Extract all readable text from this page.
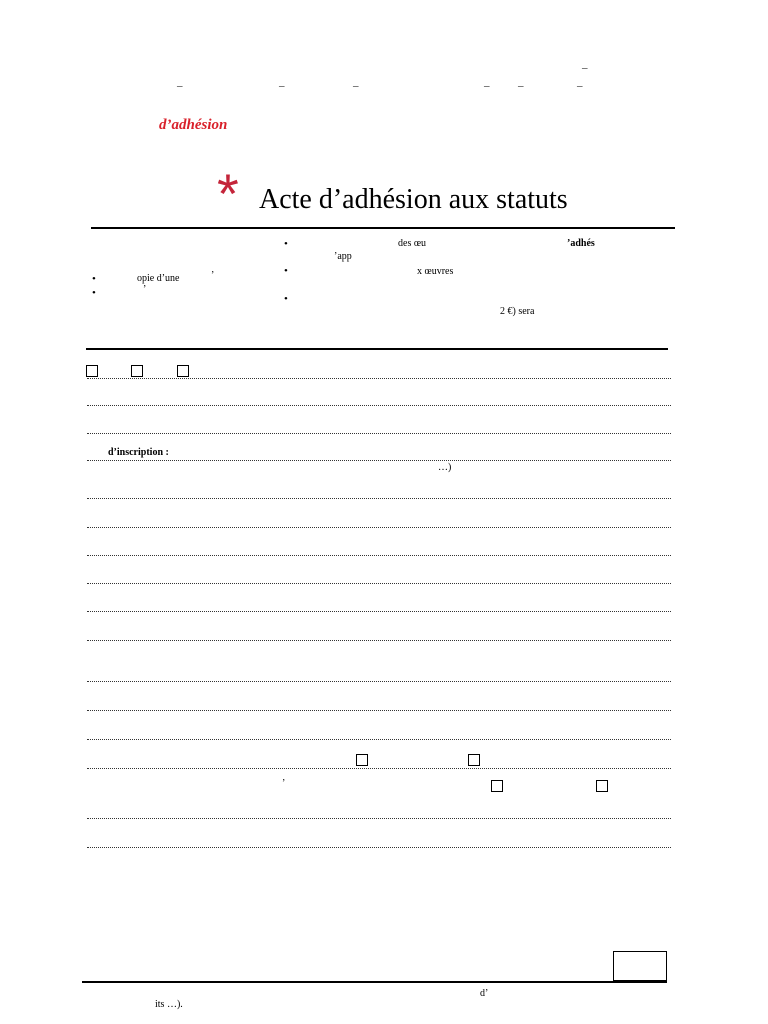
–
–	–	–	–	–	–
d’adhésion
* Acte d’adhésion aux statuts
•	opie d’une	’
•	’
•	des œu	’adhés
’app
•	x œuvres
•
2 €) sera
d’inscription :
…)
’
d’
its …).
